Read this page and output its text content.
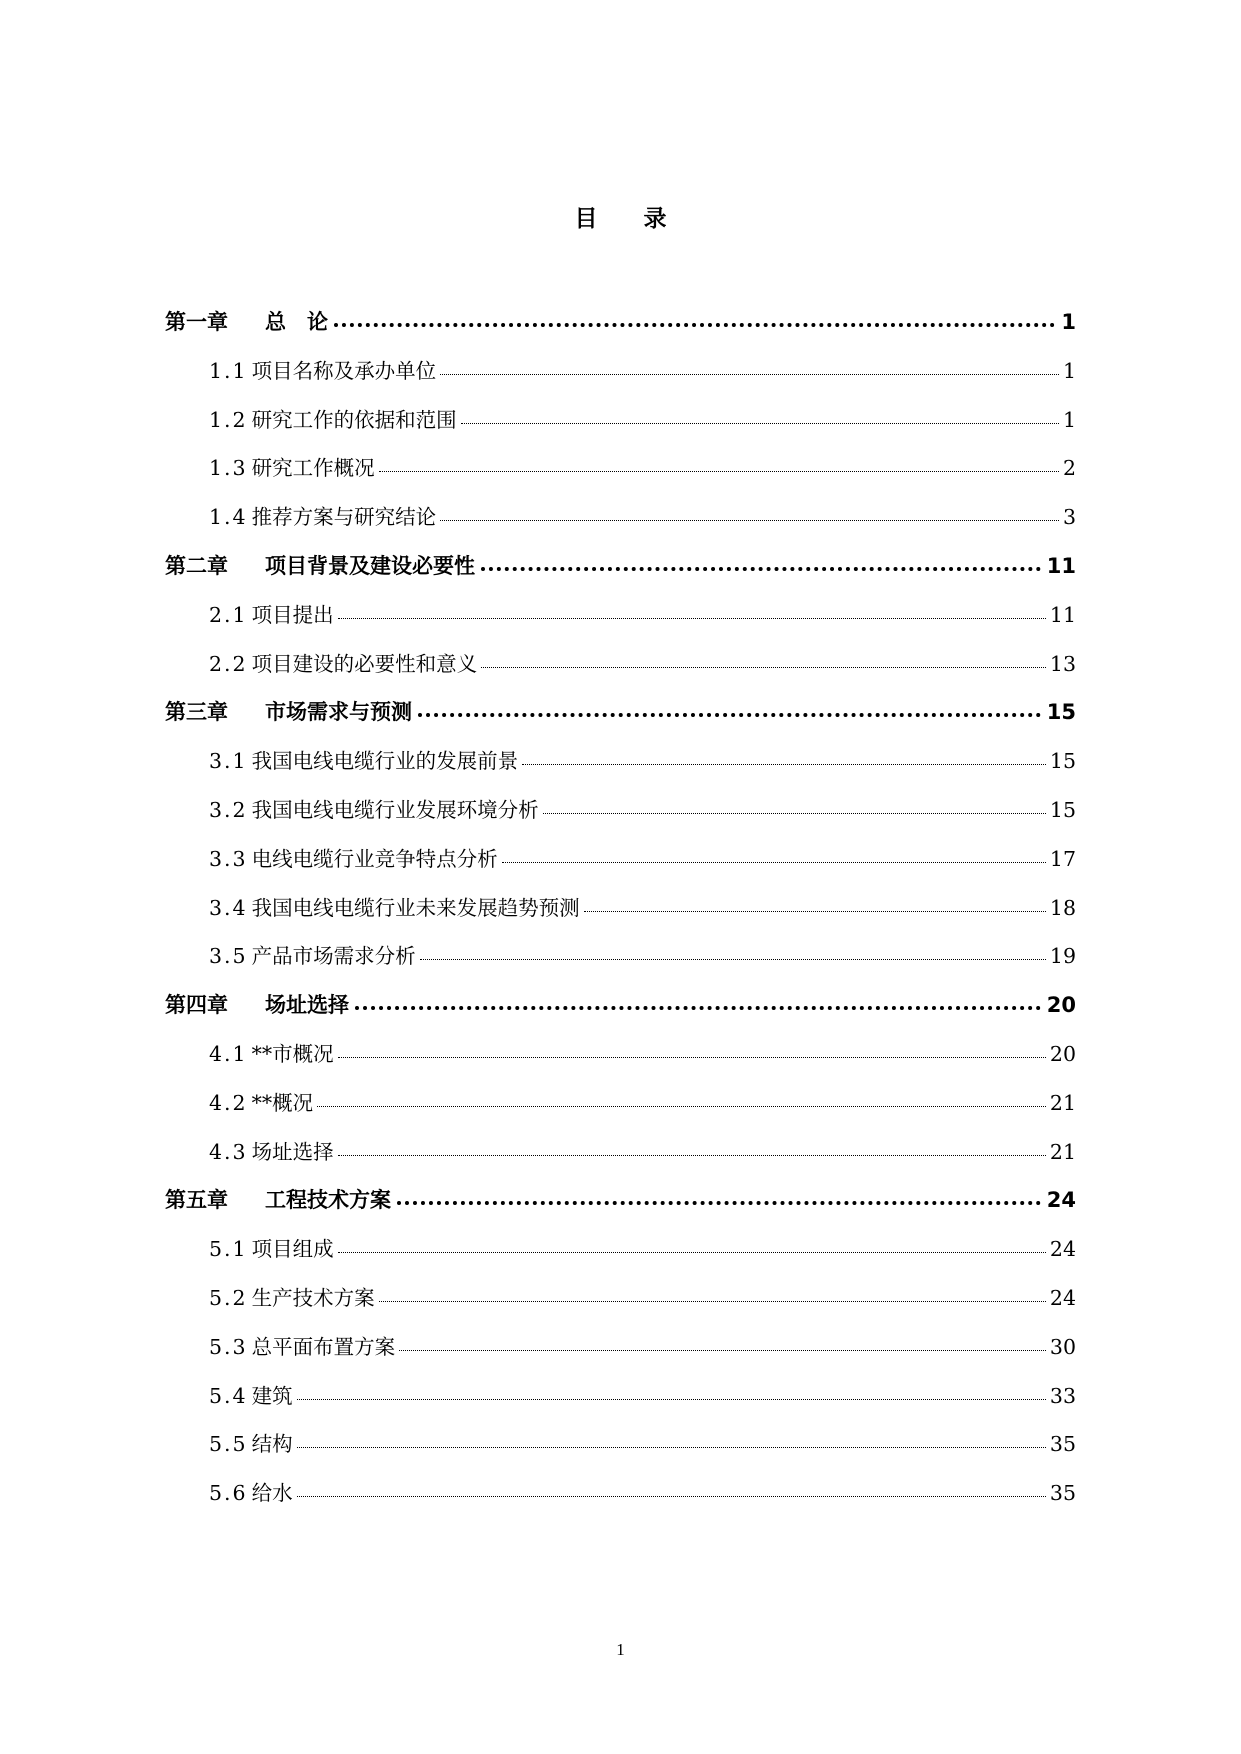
目录
第一章	总　论	1
1.1 项目名称及承办单位	1
1.2 研究工作的依据和范围	1
1.3 研究工作概况	2
1.4 推荐方案与研究结论	3
第二章	项目背景及建设必要性	11
2.1 项目提出	11
2.2 项目建设的必要性和意义	13
第三章	市场需求与预测	15
3.1 我国电线电缆行业的发展前景	15
3.2 我国电线电缆行业发展环境分析	15
3.3 电线电缆行业竞争特点分析	17
3.4 我国电线电缆行业未来发展趋势预测	18
3.5 产品市场需求分析	19
第四章	场址选择	20
4.1 **市概况	20
4.2 **概况	21
4.3 场址选择	21
第五章	工程技术方案	24
5.1 项目组成	24
5.2 生产技术方案	24
5.3 总平面布置方案	30
5.4 建筑	33
5.5 结构	35
5.6 给水	35
1
